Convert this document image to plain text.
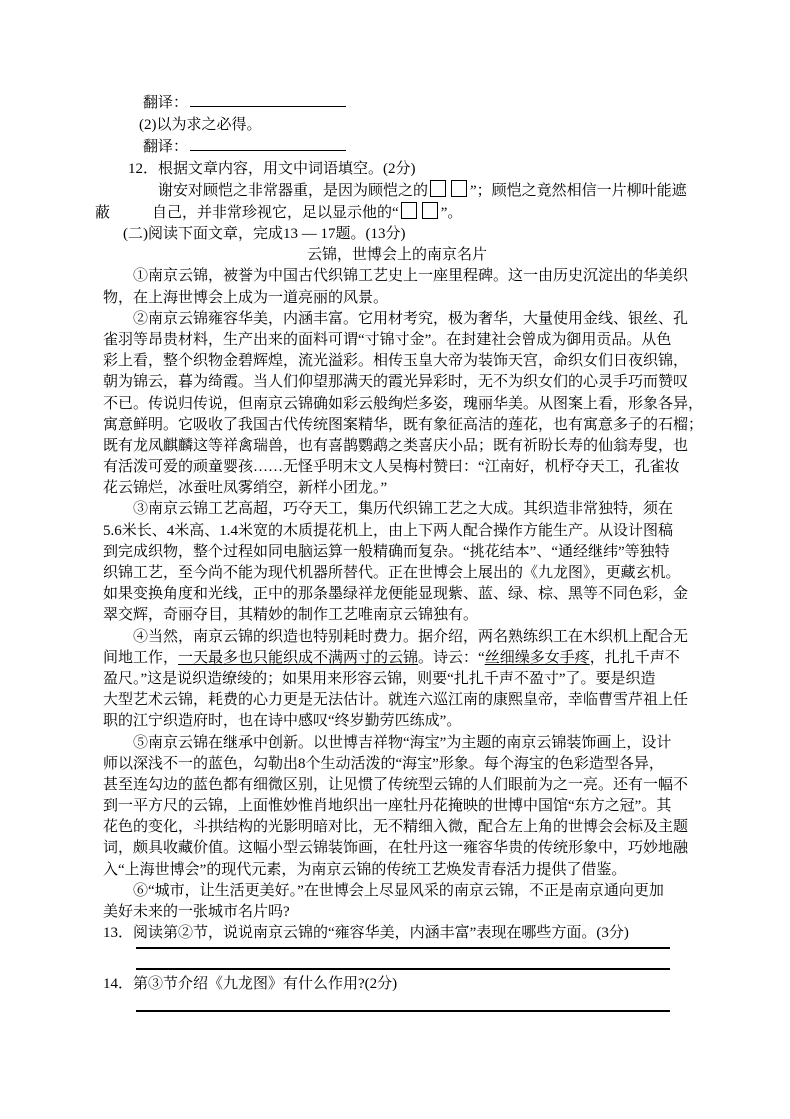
翻译：
(2)以为求之必得。
翻译：
12．根据文章内容，用文中词语填空。(2分)
谢安对顾恺之非常器重，是因为顾恺之的	”；顾恺之竟然相信一片柳叶能遮
蔽	自己，并非常珍视它，足以显示他的“	”。
(二)阅读下面文章，完成13 — 17题。(13分)
云锦，世博会上的南京名片
①南京云锦，被誉为中国古代织锦工艺史上一座里程碑。这一由历史沉淀出的华美织
物，在上海世博会上成为一道亮丽的风景。
②南京云锦雍容华美，内涵丰富。它用材考究，极为奢华，大量使用金线、银丝、孔
雀羽等昂贵材料，生产出来的面料可谓“寸锦寸金”。在封建社会曾成为御用贡品。从色
彩上看，整个织物金碧辉煌，流光溢彩。相传玉皇大帝为装饰天宫，命织女们日夜织锦，
朝为锦云，暮为绮霞。当人们仰望那满天的霞光异彩时，无不为织女们的心灵手巧而赞叹
不已。传说归传说，但南京云锦确如彩云般绚烂多姿，瑰丽华美。从图案上看，形象各异，
寓意鲜明。它吸收了我国古代传统图案精华，既有象征高洁的莲花，也有寓意多子的石榴；
既有龙凤麒麟这等祥禽瑞兽，也有喜鹊鹦鹉之类喜庆小品；既有祈盼长寿的仙翁寿叟，也
有活泼可爱的顽童婴孩……无怪乎明末文人吴梅村赞曰：“江南好，机杼夺天工，孔雀妆
花云锦烂，冰蚕吐凤雾绡空，新样小团龙。”
③南京云锦工艺高超，巧夺天工，集历代织锦工艺之大成。其织造非常独特，须在
5.6米长、4米高、1.4米宽的木质提花机上，由上下两人配合操作方能生产。从设计图稿
到完成织物，整个过程如同电脑运算一般精确而复杂。“挑花结本”、“通经继纬”等独特
织锦工艺，至今尚不能为现代机器所替代。正在世博会上展出的《九龙图》，更藏玄机。
如果变换角度和光线，正中的那条墨绿祥龙便能显现紫、蓝、绿、棕、黑等不同色彩，金
翠交辉，奇丽夺目，其精妙的制作工艺唯南京云锦独有。
④当然，南京云锦的织造也特别耗时费力。据介绍，两名熟练织工在木织机上配合无
间地工作，一天最多也只能织成不满两寸的云锦。诗云：“丝细缲多女手疼，扎扎千声不
盈尺。”这是说织造缭绫的；如果用来形容云锦，则要“扎扎千声不盈寸”了。要是织造
大型艺术云锦，耗费的心力更是无法估计。就连六巡江南的康熙皇帝，幸临曹雪芹祖上任
职的江宁织造府时，也在诗中感叹“终岁勤劳匹练成”。
⑤南京云锦在继承中创新。以世博吉祥物“海宝”为主题的南京云锦装饰画上，设计
师以深浅不一的蓝色，勾勒出8个生动活泼的“海宝”形象。每个海宝的色彩造型各异，
甚至连勾边的蓝色都有细微区别，让见惯了传统型云锦的人们眼前为之一亮。还有一幅不
到一平方尺的云锦，上面惟妙惟肖地织出一座牡丹花掩映的世博中国馆“东方之冠”。其
花色的变化，斗拱结构的光影明暗对比，无不精细入微，配合左上角的世博会会标及主题
词，颇具收藏价值。这幅小型云锦装饰画，在牡丹这一雍容华贵的传统形象中，巧妙地融
入“上海世博会”的现代元素，为南京云锦的传统工艺焕发青春活力提供了借鉴。
⑥“城市，让生活更美好。”在世博会上尽显风采的南京云锦，不正是南京通向更加
美好未来的一张城市名片吗?
13．阅读第②节，说说南京云锦的“雍容华美，内涵丰富”表现在哪些方面。(3分)
14．第③节介绍《九龙图》有什么作用?(2分)
